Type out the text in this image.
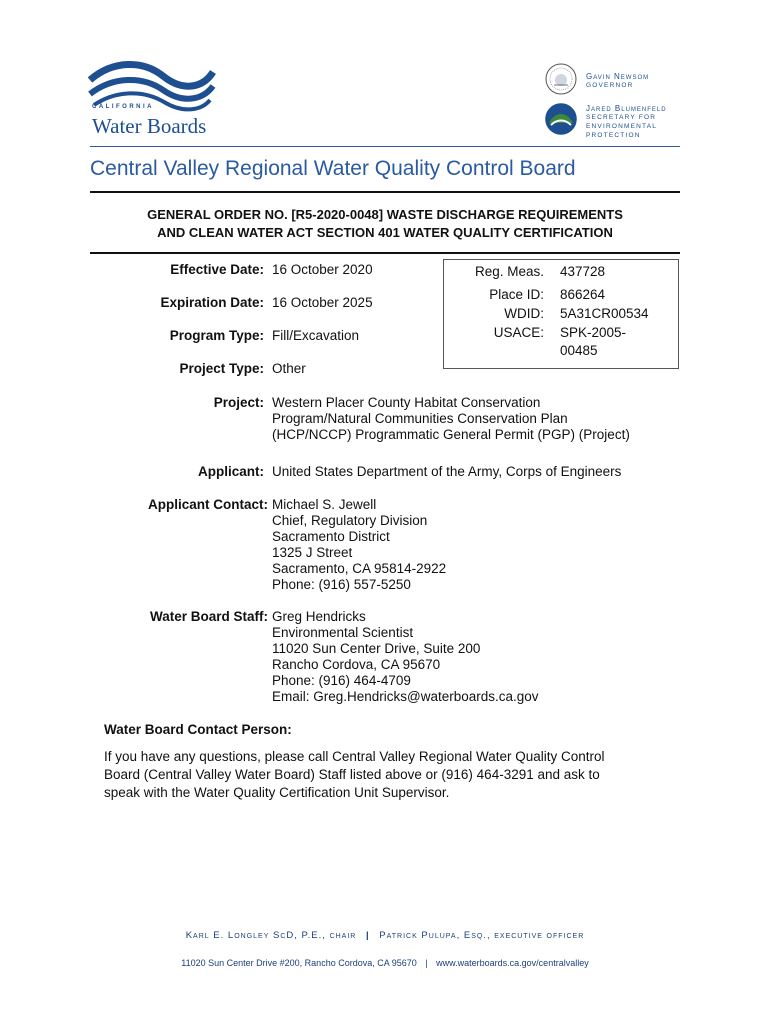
CALIFORNIA
Water Boards
Gavin Newsom
GOVERNOR
Jared Blumenfeld
SECRETARY FOR ENVIRONMENTAL PROTECTION
Central Valley Regional Water Quality Control Board
GENERAL ORDER NO. [R5-2020-0048] WASTE DISCHARGE REQUIREMENTS
AND CLEAN WATER ACT SECTION 401 WATER QUALITY CERTIFICATION
Effective Date: 16 October 2020
Expiration Date: 16 October 2025
Program Type: Fill/Excavation
Project Type: Other
Project: Western Placer County Habitat Conservation
Program/Natural Communities Conservation Plan
(HCP/NCCP) Programmatic General Permit (PGP) (Project)
Applicant: United States Department of the Army, Corps of Engineers
Applicant Contact: Michael S. Jewell
Chief, Regulatory Division
Sacramento District
1325 J Street
Sacramento, CA 95814-2922
Phone: (916) 557-5250
Water Board Staff: Greg Hendricks
Environmental Scientist
11020 Sun Center Drive, Suite 200
Rancho Cordova, CA 95670
Phone: (916) 464-4709
Email: Greg.Hendricks@waterboards.ca.gov
Reg. Meas. 437728
Place ID: 866264
WDID: 5A31CR00534
USACE: SPK-2005-
00485
Water Board Contact Person:
If you have any questions, please call Central Valley Regional Water Quality Control
Board (Central Valley Water Board) Staff listed above or (916) 464-3291 and ask to
speak with the Water Quality Certification Unit Supervisor.
Karl E. Longley ScD, P.E., chair | Patrick Pulupa, Esq., executive officer
11020 Sun Center Drive #200, Rancho Cordova, CA 95670 | www.waterboards.ca.gov/centralvalley
